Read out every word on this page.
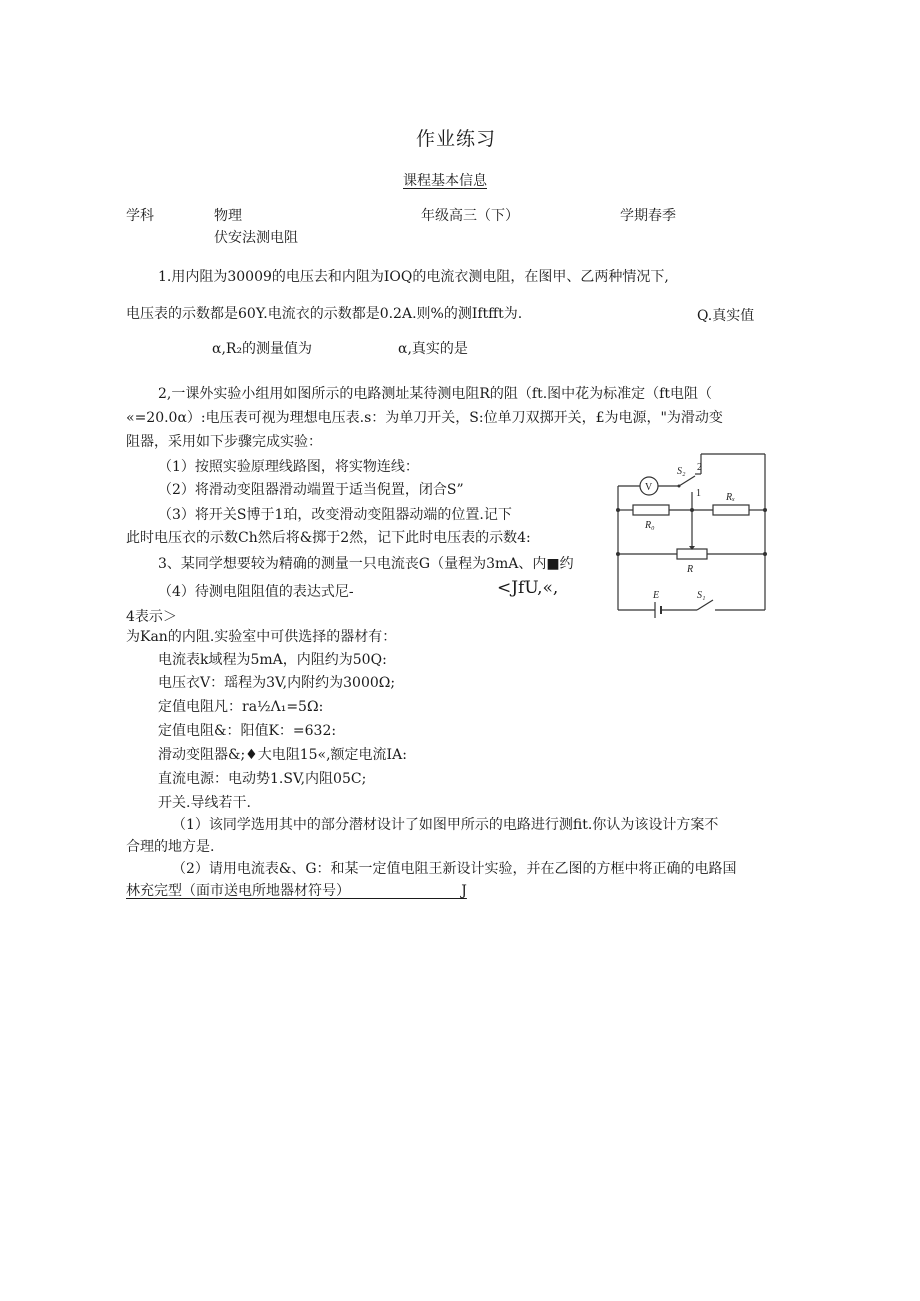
作业练习
课程基本信息
学科	物理	年级高三（下）	学期春季
伏安法测电阻
1.用内阻为30009的电压去和内阻为IOQ的电流衣测电阻，在图甲、乙两种情况下,
电压表的示数都是60Y.电流衣的示数都是0.2A.则%的测Iftfft为.	Q.真实值
α,R₂的测量值为	α,真实的是
2,一课外实验小组用如图所示的电路测址某待测电阻R的阻（ft.图中花为标准定（ft电阻（
«=20.0α）:电压表可视为理想电压表.s：为单刀开关，S:位单刀双掷开关，£为电源，"为滑动变
阻器，采用如下步骤完成实验：
（1）按照实验原理线路图，将实物连线：
（2）将滑动变阻器滑动端置于适当倪置，闭合S”
（3）将开关S博于1珀，改变滑动变阻器动端的位置.记下
此时电压衣的示数Ch然后将&掷于2然，记下此时电压表的示数4:
3、某同学想要较为精确的测量一只电流丧G（量程为3mA、内■约
（4）待测电阻阻值的表达式尼-	<JfU,«,
4表示＞
为Kan的内阻.实验室中可供选择的器材有：
电流表k域程为5mA，内阻约为50Q:
电压衣V：瑶程为3V,内附约为3000Ω;
定值电阻凡：ra½Λ₁=5Ω:
定值电阻&：阳值K：=632:
滑动变阻器&;♦大电阻15«,额定电流IA:
直流电源：电动势1.SV,内阻05C;
开关.导线若干.
（1）该同学选用其中的部分潜材设计了如图甲所示的电路进行测fit.你认为该设计方案不
合理的地方是.
（2）请用电流表&、G：和某一定值电阻王新设计实验，并在乙图的方框中将正确的电路国
林充完型（面市送电所地器材符号）                         J
V
S₂ 2
1	Rₓ
R₀
R
E	S₁
